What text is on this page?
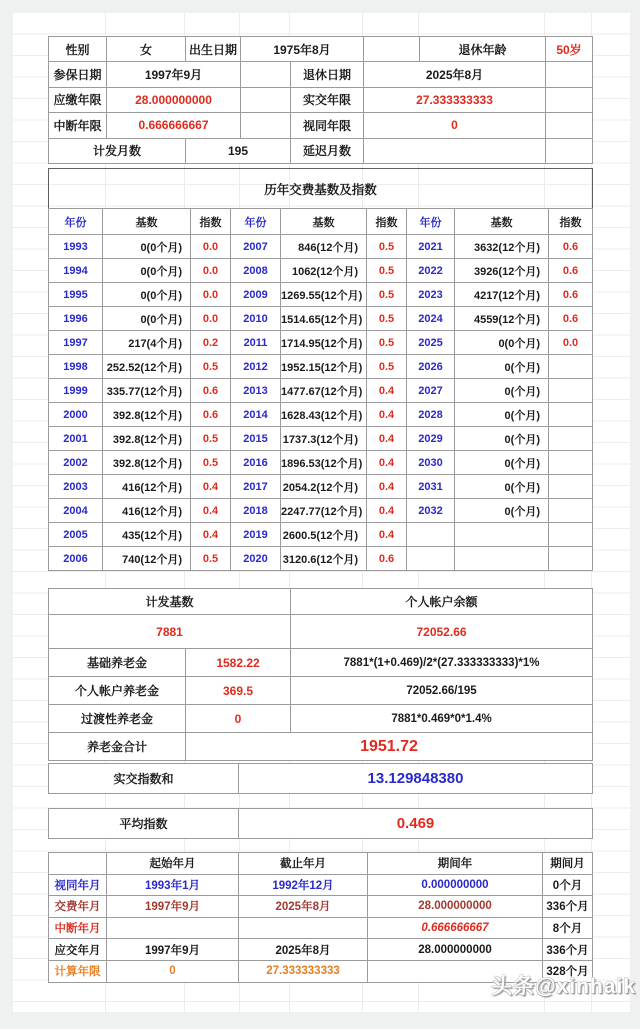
性别	女	出生日期	1975年8月			退休年龄	50岁
参保日期	1997年9月			退休日期	2025年8月		
应缴年限	28.000000000			实交年限	27.333333333		
中断年限	0.666666667			视同年限	0		
计发月数		195		延迟月数			
历年交费基数及指数								
年份	基数	指数	年份	基数	指数	年份	基数	指数
1993	0(0个月)	0.0	2007	846(12个月)	0.5	2021	3632(12个月)	0.6
1994	0(0个月)	0.0	2008	1062(12个月)	0.5	2022	3926(12个月)	0.6
1995	0(0个月)	0.0	2009	1269.55(12个月)	0.5	2023	4217(12个月)	0.6
1996	0(0个月)	0.0	2010	1514.65(12个月)	0.5	2024	4559(12个月)	0.6
1997	217(4个月)	0.2	2011	1714.95(12个月)	0.5	2025	0(0个月)	0.0
1998	252.52(12个月)	0.5	2012	1952.15(12个月)	0.5	2026	0(个月)	
1999	335.77(12个月)	0.6	2013	1477.67(12个月)	0.4	2027	0(个月)	
2000	392.8(12个月)	0.6	2014	1628.43(12个月)	0.4	2028	0(个月)	
2001	392.8(12个月)	0.5	2015	1737.3(12个月)	0.4	2029	0(个月)	
2002	392.8(12个月)	0.5	2016	1896.53(12个月)	0.4	2030	0(个月)	
2003	416(12个月)	0.4	2017	2054.2(12个月)	0.4	2031	0(个月)	
2004	416(12个月)	0.4	2018	2247.77(12个月)	0.4	2032	0(个月)	
2005	435(12个月)	0.4	2019	2600.5(12个月)	0.4			
2006	740(12个月)	0.5	2020	3120.6(12个月)	0.6			
计发基数		个人帐户余额
7881		72052.66
基础养老金	1582.22	7881*(1+0.469)/2*(27.333333333)*1%
个人帐户养老金	369.5	72052.66/195
过渡性养老金	0	7881*0.469*0*1.4%
养老金合计	1951.72	
实交指数和	13.129848380
平均指数	0.469
	起始年月	截止年月	期间年	期间月
视同年月	1993年1月	1992年12月	0.000000000	0个月
交费年月	1997年9月	2025年8月	28.000000000	336个月
中断年月			0.666666667	8个月
应交年月	1997年9月	2025年8月	28.000000000	336个月
计算年限	0	27.333333333		328个月
头条@xinhaik
